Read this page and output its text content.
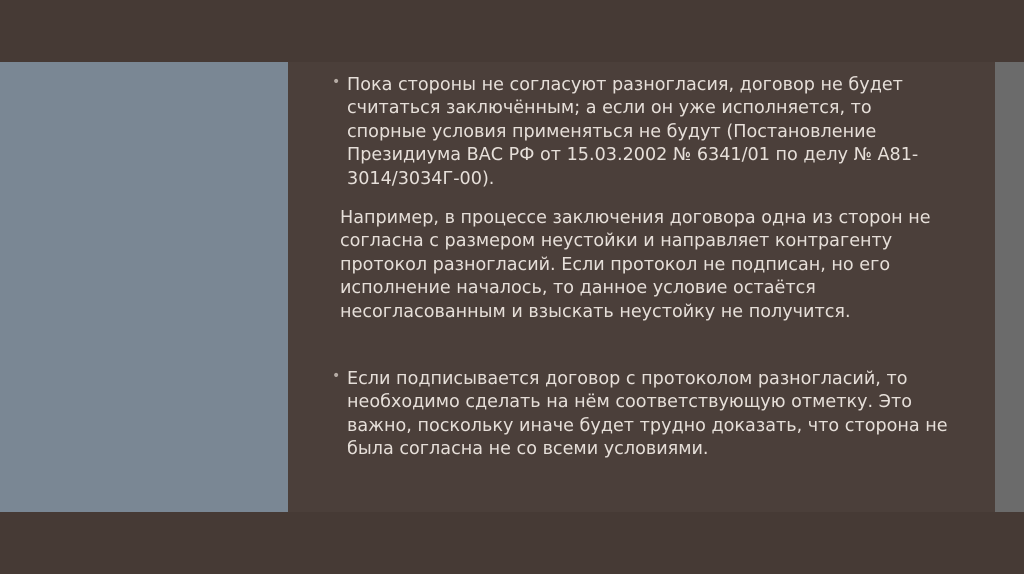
• Пока стороны не согласуют разногласия, договор не будет считаться заключённым; а если он уже исполняется, то спорные условия применяться не будут (Постановление Президиума ВАС РФ от 15.03.2002 № 6341/01 по делу № А81-3014/3034Г-00).

Например, в процессе заключения договора одна из сторон не согласна с размером неустойки и направляет контрагенту протокол разногласий. Если протокол не подписан, но его исполнение началось, то данное условие остаётся несогласованным и взыскать неустойку не получится.

• Если подписывается договор с протоколом разногласий, то необходимо сделать на нём соответствующую отметку. Это важно, поскольку иначе будет трудно доказать, что сторона не была согласна не со всеми условиями.
